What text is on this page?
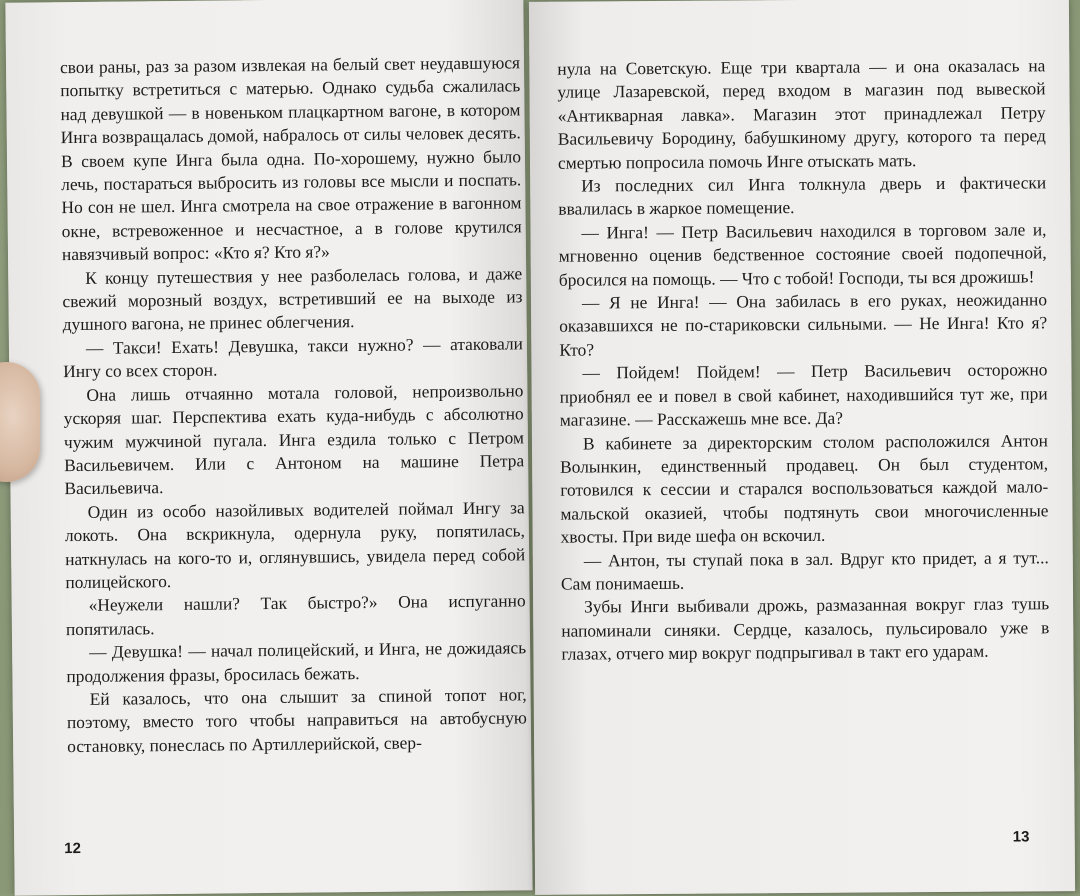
свои раны, раз за разом извлекая на белый свет неудавшуюся попытку встретиться с матерью. Однако судьба сжалилась над девушкой — в новеньком плацкартном вагоне, в котором Инга возвращалась домой, набралось от силы человек десять. В своем купе Инга была одна. По-хорошему, нужно было лечь, постараться выбросить из головы все мысли и поспать. Но сон не шел. Инга смотрела на свое отражение в вагонном окне, встревоженное и несчастное, а в голове крутился навязчивый вопрос: «Кто я? Кто я?»

К концу путешествия у нее разболелась голова, и даже свежий морозный воздух, встретивший ее на выходе из душного вагона, не принес облегчения.

— Такси! Ехать! Девушка, такси нужно? — атаковали Ингу со всех сторон.

Она лишь отчаянно мотала головой, непроизвольно ускоряя шаг. Перспектива ехать куда-нибудь с абсолютно чужим мужчиной пугала. Инга ездила только с Петром Васильевичем. Или с Антоном на машине Петра Васильевича.

Один из особо назойливых водителей поймал Ингу за локоть. Она вскрикнула, одернула руку, попятилась, наткнулась на кого-то и, оглянувшись, увидела перед собой полицейского.

«Неужели нашли? Так быстро?» Она испуганно попятилась.

— Девушка! — начал полицейский, и Инга, не дожидаясь продолжения фразы, бросилась бежать.

Ей казалось, что она слышит за спиной топот ног, поэтому, вместо того чтобы направиться на автобусную остановку, понеслась по Артиллерийской, свер-

12

нула на Советскую. Еще три квартала — и она оказалась на улице Лазаревской, перед входом в магазин под вывеской «Антикварная лавка». Магазин этот принадлежал Петру Васильевичу Бородину, бабушкиному другу, которого та перед смертью попросила помочь Инге отыскать мать.

Из последних сил Инга толкнула дверь и фактически ввалилась в жаркое помещение.

— Инга! — Петр Васильевич находился в торговом зале и, мгновенно оценив бедственное состояние своей подопечной, бросился на помощь. — Что с тобой! Господи, ты вся дрожишь!

— Я не Инга! — Она забилась в его руках, неожиданно оказавшихся не по-стариковски сильными. — Не Инга! Кто я? Кто?

— Пойдем! Пойдем! — Петр Васильевич осторожно приобнял ее и повел в свой кабинет, находившийся тут же, при магазине. — Расскажешь мне все. Да?

В кабинете за директорским столом расположился Антон Волынкин, единственный продавец. Он был студентом, готовился к сессии и старался воспользоваться каждой мало-мальской оказией, чтобы подтянуть свои многочисленные хвосты. При виде шефа он вскочил.

— Антон, ты ступай пока в зал. Вдруг кто придет, а я тут... Сам понимаешь.

Зубы Инги выбивали дрожь, размазанная вокруг глаз тушь напоминали синяки. Сердце, казалось, пульсировало уже в глазах, отчего мир вокруг подпрыгивал в такт его ударам.

13
